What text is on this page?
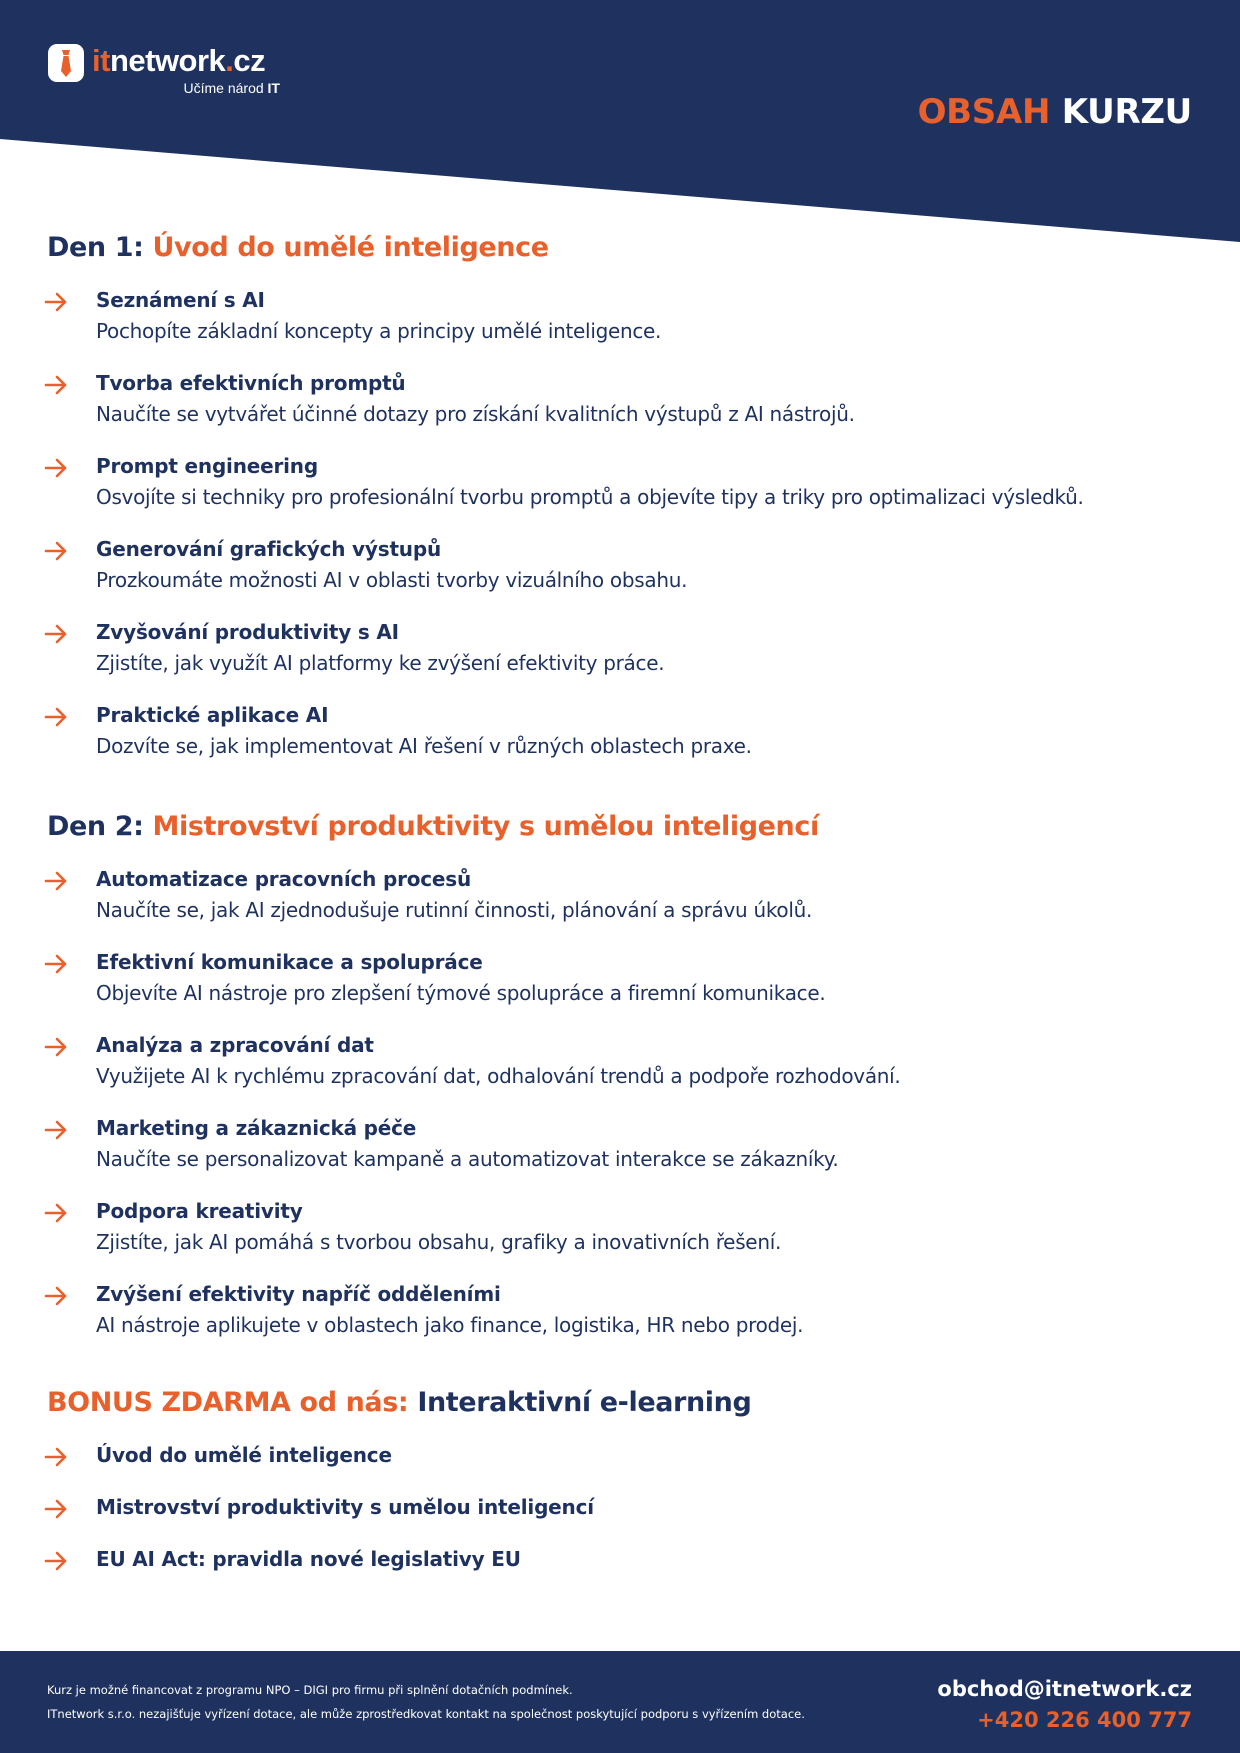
itnetwork.cz
Učíme národ IT
OBSAH KURZU
Den 1: Úvod do umělé inteligence
Seznámení s AI
Pochopíte základní koncepty a principy umělé inteligence.
Tvorba efektivních promptů
Naučíte se vytvářet účinné dotazy pro získání kvalitních výstupů z AI nástrojů.
Prompt engineering
Osvojíte si techniky pro profesionální tvorbu promptů a objevíte tipy a triky pro optimalizaci výsledků.
Generování grafických výstupů
Prozkoumáte možnosti AI v oblasti tvorby vizuálního obsahu.
Zvyšování produktivity s AI
Zjistíte, jak využít AI platformy ke zvýšení efektivity práce.
Praktické aplikace AI
Dozvíte se, jak implementovat AI řešení v různých oblastech praxe.
Den 2: Mistrovství produktivity s umělou inteligencí
Automatizace pracovních procesů
Naučíte se, jak AI zjednodušuje rutinní činnosti, plánování a správu úkolů.
Efektivní komunikace a spolupráce
Objevíte AI nástroje pro zlepšení týmové spolupráce a firemní komunikace.
Analýza a zpracování dat
Využijete AI k rychlému zpracování dat, odhalování trendů a podpoře rozhodování.
Marketing a zákaznická péče
Naučíte se personalizovat kampaně a automatizovat interakce se zákazníky.
Podpora kreativity
Zjistíte, jak AI pomáhá s tvorbou obsahu, grafiky a inovativních řešení.
Zvýšení efektivity napříč odděleními
AI nástroje aplikujete v oblastech jako finance, logistika, HR nebo prodej.
BONUS ZDARMA od nás: Interaktivní e-learning
Úvod do umělé inteligence
Mistrovství produktivity s umělou inteligencí
EU AI Act: pravidla nové legislativy EU
Kurz je možné financovat z programu NPO – DIGI pro firmu při splnění dotačních podmínek.
ITnetwork s.r.o. nezajišťuje vyřízení dotace, ale může zprostředkovat kontakt na společnost poskytující podporu s vyřízením dotace.
obchod@itnetwork.cz
+420 226 400 777
